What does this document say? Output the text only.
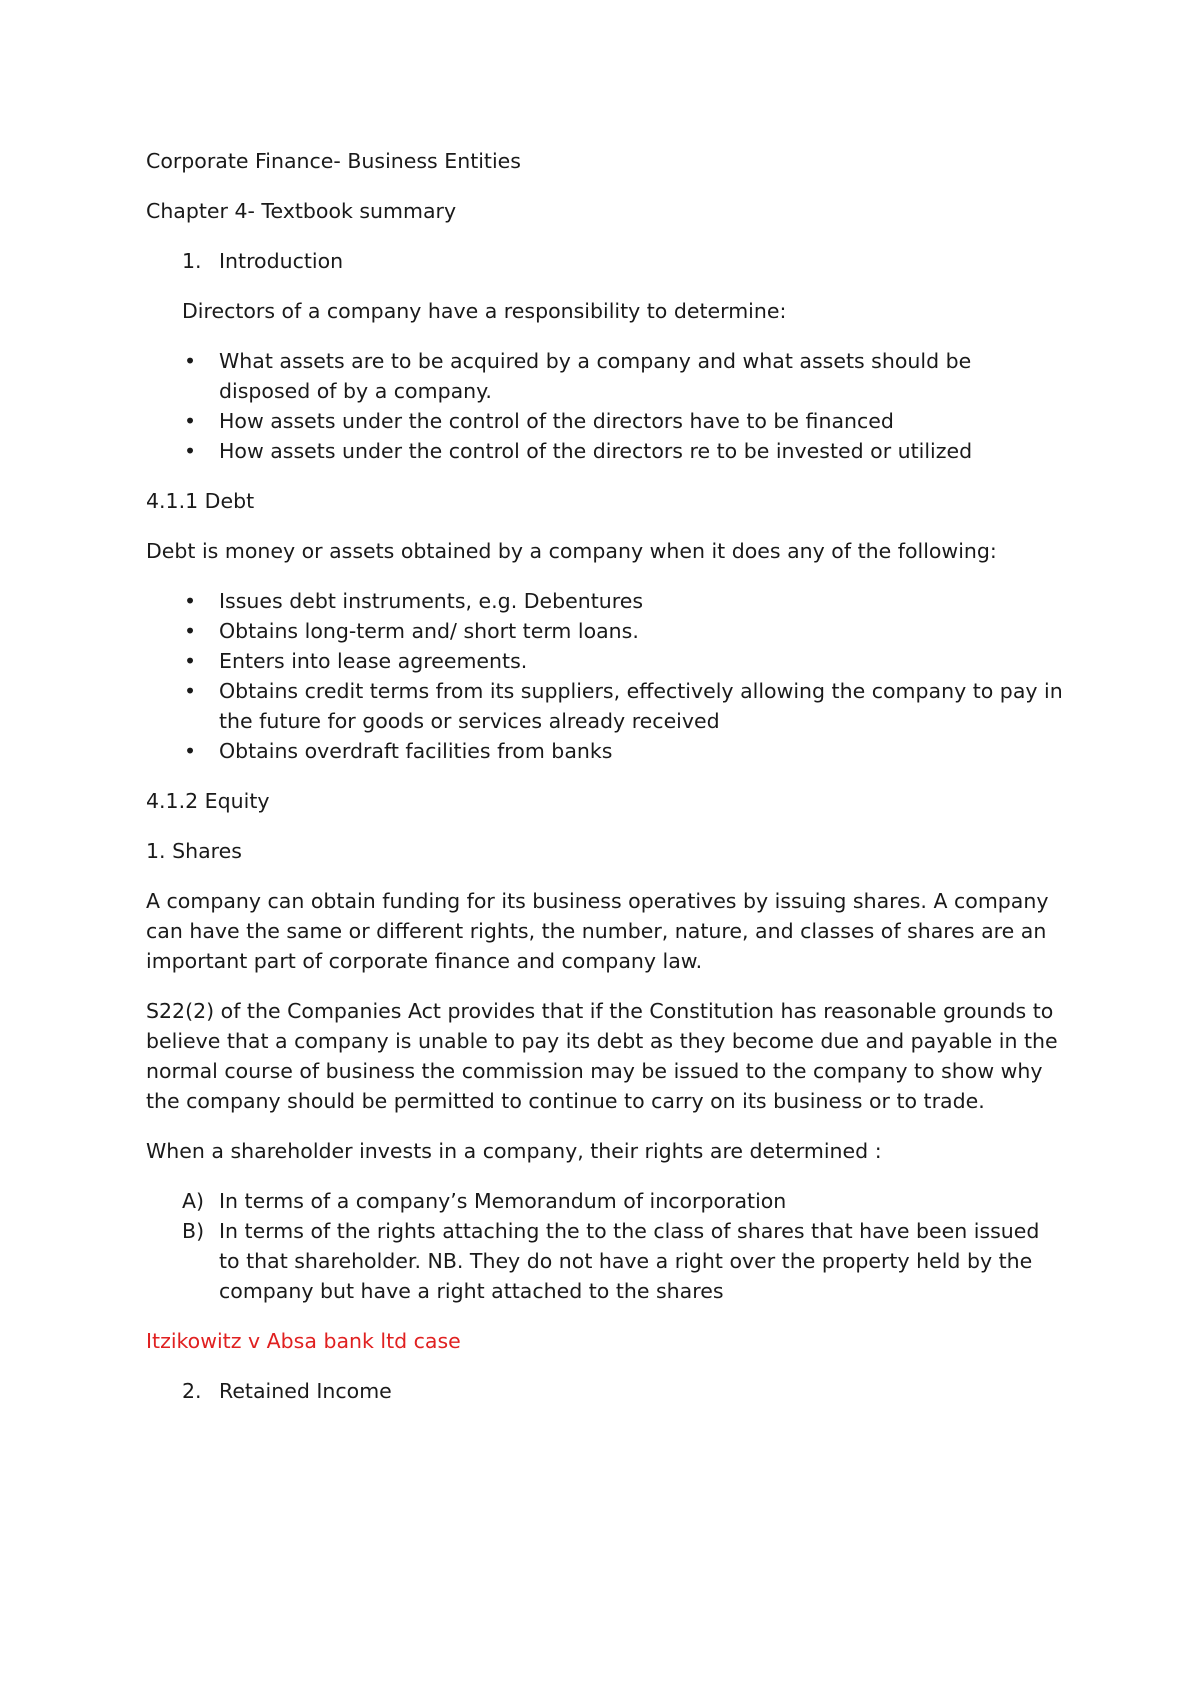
Corporate Finance- Business Entities

Chapter 4- Textbook summary

1. Introduction

Directors of a company have a responsibility to determine:

• What assets are to be acquired by a company and what assets should be disposed of by a company.
• How assets under the control of the directors have to be financed
• How assets under the control of the directors re to be invested or utilized

4.1.1 Debt

Debt is money or assets obtained by a company when it does any of the following:

• Issues debt instruments, e.g. Debentures
• Obtains long-term and/ short term loans.
• Enters into lease agreements.
• Obtains credit terms from its suppliers, effectively allowing the company to pay in the future for goods or services already received
• Obtains overdraft facilities from banks

4.1.2 Equity

1. Shares

A company can obtain funding for its business operatives by issuing shares. A company can have the same or different rights, the number, nature, and classes of shares are an important part of corporate finance and company law.

S22(2) of the Companies Act provides that if the Constitution has reasonable grounds to believe that a company is unable to pay its debt as they become due and payable in the normal course of business the commission may be issued to the company to show why the company should be permitted to continue to carry on its business or to trade.

When a shareholder invests in a company, their rights are determined :

A) In terms of a company’s Memorandum of incorporation
B) In terms of the rights attaching the to the class of shares that have been issued to that shareholder. NB. They do not have a right over the property held by the company but have a right attached to the shares

Itzikowitz v Absa bank ltd case

2. Retained Income
